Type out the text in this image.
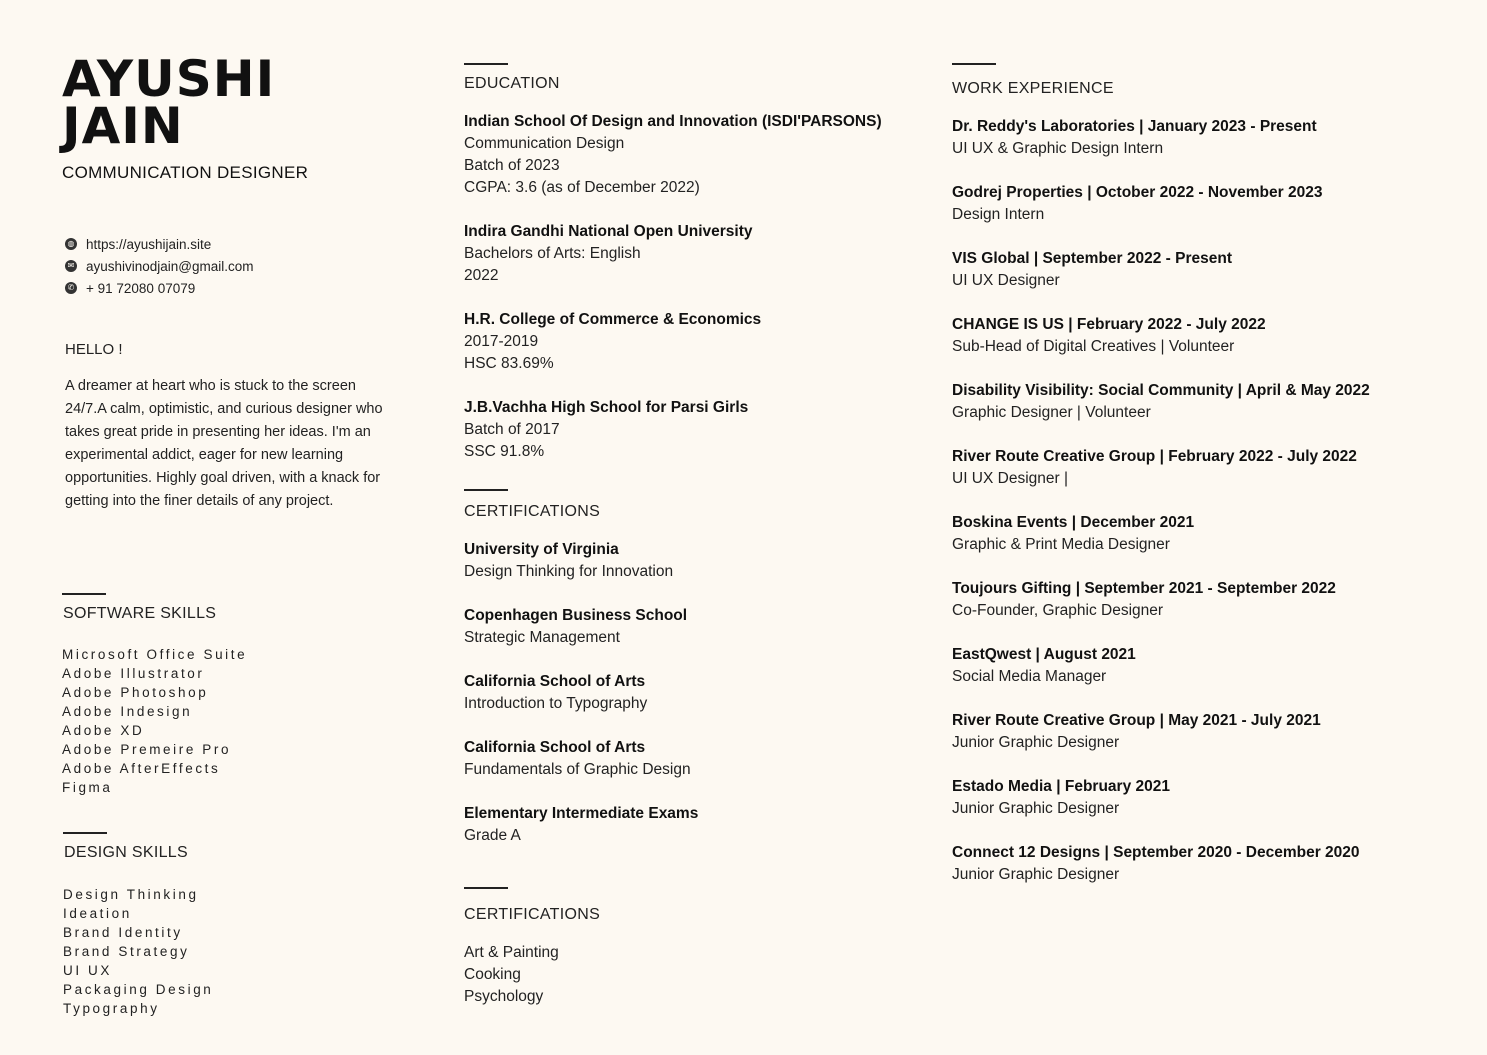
AYUSHI
JAIN
COMMUNICATION DESIGNER
◍ https://ayushijain.site
✉ ayushivinodjain@gmail.com
✆ + 91 72080 07079
HELLO !
A dreamer at heart who is stuck to the screen 24/7.A calm, optimistic, and curious designer who takes great pride in presenting her ideas. I'm an experimental addict, eager for new learning opportunities. Highly goal driven, with a knack for getting into the finer details of any project.
SOFTWARE SKILLS
Microsoft Office Suite
Adobe Illustrator
Adobe Photoshop
Adobe Indesign
Adobe XD
Adobe Premeire Pro
Adobe AfterEffects
Figma
DESIGN SKILLS
Design Thinking
Ideation
Brand Identity
Brand Strategy
UI UX
Packaging Design
Typography
EDUCATION
Indian School Of Design and Innovation (ISDI'PARSONS)
Communication Design
Batch of 2023
CGPA: 3.6 (as of December 2022)
Indira Gandhi National Open University
Bachelors of Arts: English
2022
H.R. College of Commerce & Economics
2017-2019
HSC 83.69%
J.B.Vachha High School for Parsi Girls
Batch of 2017
SSC 91.8%
CERTIFICATIONS
University of Virginia
Design Thinking for Innovation
Copenhagen Business School
Strategic Management
California School of Arts
Introduction to Typography
California School of Arts
Fundamentals of Graphic Design
Elementary Intermediate Exams
Grade A
CERTIFICATIONS
Art & Painting
Cooking
Psychology
WORK EXPERIENCE
Dr. Reddy's Laboratories | January 2023 - Present
UI UX & Graphic Design Intern
Godrej Properties | October 2022 - November 2023
Design Intern
VIS Global | September 2022 - Present
UI UX Designer
CHANGE IS US | February 2022 - July 2022
Sub-Head of Digital Creatives | Volunteer
Disability Visibility: Social Community | April & May 2022
Graphic Designer | Volunteer
River Route Creative Group | February 2022 - July 2022
UI UX Designer |
Boskina Events | December 2021
Graphic & Print Media Designer
Toujours Gifting | September 2021 - September 2022
Co-Founder, Graphic Designer
EastQwest | August 2021
Social Media Manager
River Route Creative Group | May 2021 - July 2021
Junior Graphic Designer
Estado Media | February 2021
Junior Graphic Designer
Connect 12 Designs | September 2020 - December 2020
Junior Graphic Designer
